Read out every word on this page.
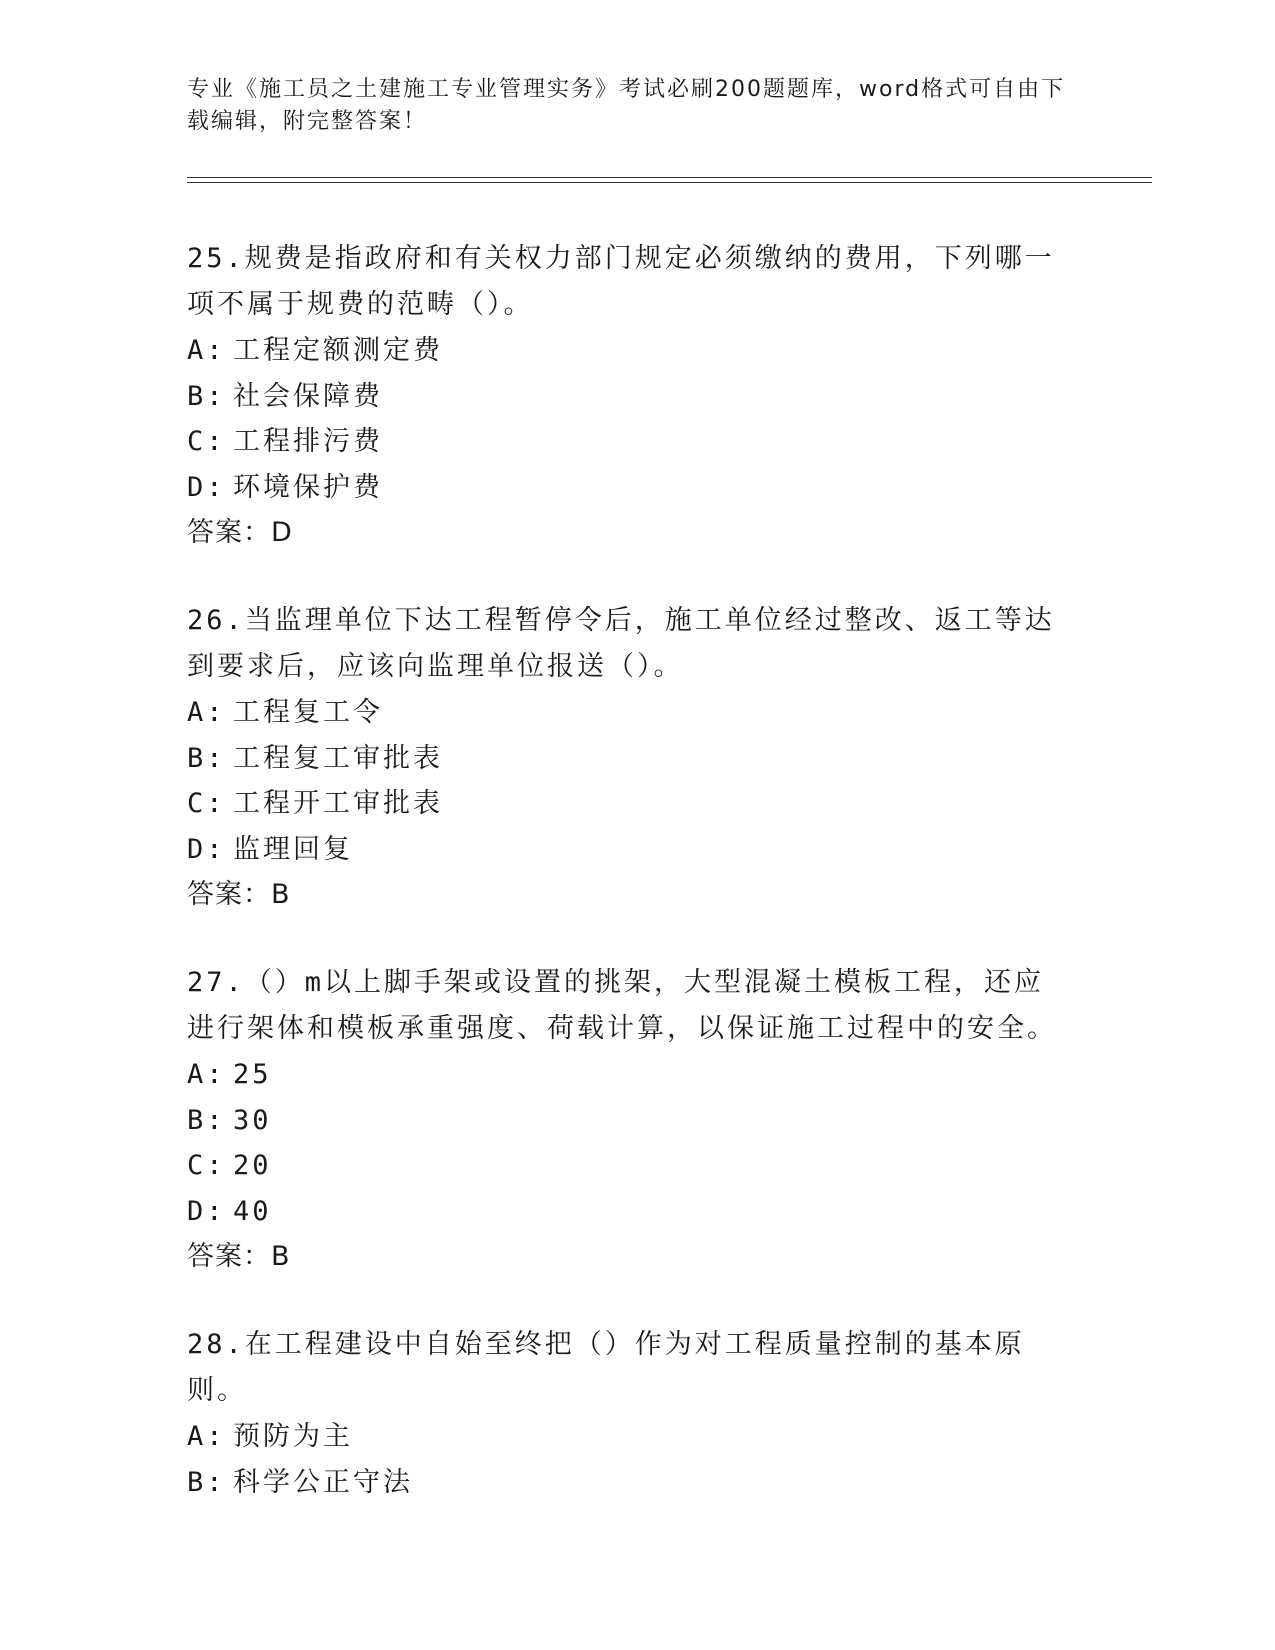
专业《施工员之土建施工专业管理实务》考试必刷200题题库，word格式可自由下载编辑，附完整答案！
25.规费是指政府和有关权力部门规定必须缴纳的费用，下列哪一项不属于规费的范畴（）。
A: 工程定额测定费
B: 社会保障费
C: 工程排污费
D: 环境保护费
答案：D
26.当监理单位下达工程暂停令后，施工单位经过整改、返工等达到要求后，应该向监理单位报送（）。
A: 工程复工令
B: 工程复工审批表
C: 工程开工审批表
D: 监理回复
答案：B
27.（）m以上脚手架或设置的挑架，大型混凝土模板工程，还应进行架体和模板承重强度、荷载计算，以保证施工过程中的安全。
A: 25
B: 30
C: 20
D: 40
答案：B
28.在工程建设中自始至终把（）作为对工程质量控制的基本原则。
A: 预防为主
B: 科学公正守法
